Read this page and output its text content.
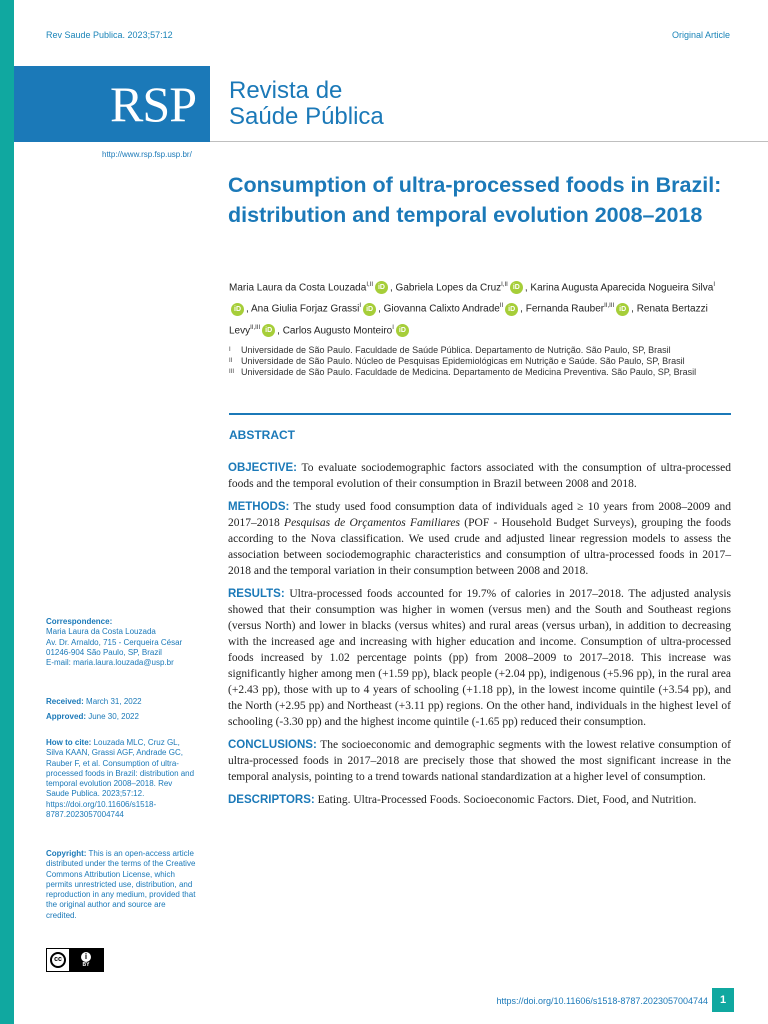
Rev Saude Publica. 2023;57:12	Original Article
RSP	Revista de
Saúde Pública
http://www.rsp.fsp.usp.br/
Consumption of ultra-processed foods in Brazil: distribution and temporal evolution 2008–2018
Maria Laura da Costa Louzada$^{I,II}$ iD , Gabriela Lopes da Cruz$^{I,II}$ iD , Karina Augusta Aparecida Nogueira Silva$^I$iD , Ana Giulia Forjaz Grassi$^I$ iD , Giovanna Calixto Andrade$^{II}$ iD , Fernanda Rauber$^{II,III}$ iD , Renata Bertazzi Levy$^{II,III}$ iD , Carlos Augusto Monteiro$^I$ iD
I	Universidade de São Paulo. Faculdade de Saúde Pública. Departamento de Nutrição. São Paulo, SP, Brasil
II Universidade de São Paulo. Núcleo de Pesquisas Epidemiológicas em Nutrição e Saúde. São Paulo, SP, Brasil
III Universidade de São Paulo. Faculdade de Medicina. Departamento de Medicina Preventiva. São Paulo, SP, Brasil
ABSTRACT

OBJECTIVE: To evaluate sociodemographic factors associated with the consumption of ultra-processed foods and the temporal evolution of their consumption in Brazil between 2008 and 2018.

METHODS: The study used food consumption data of individuals aged ≥ 10 years from 2008–2009 and 2017–2018 Pesquisas de Orçamentos Familiares (POF - Household Budget Surveys), grouping the foods according to the Nova classification. We used crude and adjusted linear regression models to assess the association between sociodemographic characteristics and consumption of ultra-processed foods in 2017–2018 and the temporal variation in their consumption between 2008 and 2018.

RESULTS: Ultra-processed foods accounted for 19.7% of calories in 2017–2018. The adjusted analysis showed that their consumption was higher in women (versus men) and the South and Southeast regions (versus North) and lower in blacks (versus whites) and rural areas (versus urban), in addition to decreasing with the increased age and increasing with higher education and income. Consumption of ultra-processed foods increased by 1.02 percentage points (pp) from 2008–2009 to 2017–2018. This increase was significantly higher among men (+1.59 pp), black people (+2.04 pp), indigenous (+5.96 pp), in the rural area (+2.43 pp), those with up to 4 years of schooling (+1.18 pp), in the lowest income quintile (+3.54 pp), and the North (+2.95 pp) and Northeast (+3.11 pp) regions. On the other hand, individuals in the highest level of schooling (-3.30 pp) and the highest income quintile (-1.65 pp) reduced their consumption.

CONCLUSIONS: The socioeconomic and demographic segments with the lowest relative consumption of ultra-processed foods in 2017–2018 are precisely those that showed the most significant increase in the temporal analysis, pointing to a trend towards national standardization at a higher level of consumption.

DESCRIPTORS: Eating. Ultra-Processed Foods. Socioeconomic Factors. Diet, Food, and Nutrition.

Correspondence:
Maria Laura da Costa Louzada
Av. Dr. Arnaldo, 715 - Cerqueira César
01246-904 São Paulo, SP, Brazil
E-mail: maria.laura.louzada@usp.br
Received: March 31, 2022
Approved: June 30, 2022
How to cite: Louzada MLC, Cruz GL, Silva KAAN, Grassi AGF, Andrade GC, Rauber F, et al. Consumption of ultra-processed foods in Brazil: distribution and temporal evolution 2008–2018. Rev Saude Publica. 2023;57:12. https://doi.org/10.11606/s1518-8787.2023057004744
Copyright: This is an open-access article distributed under the terms of the Creative Commons Attribution License, which permits unrestricted use, distribution, and reproduction in any medium, provided that the original author and source are credited.
cc	i
BY
https://doi.org/10.11606/s1518-8787.2023057004744	1
